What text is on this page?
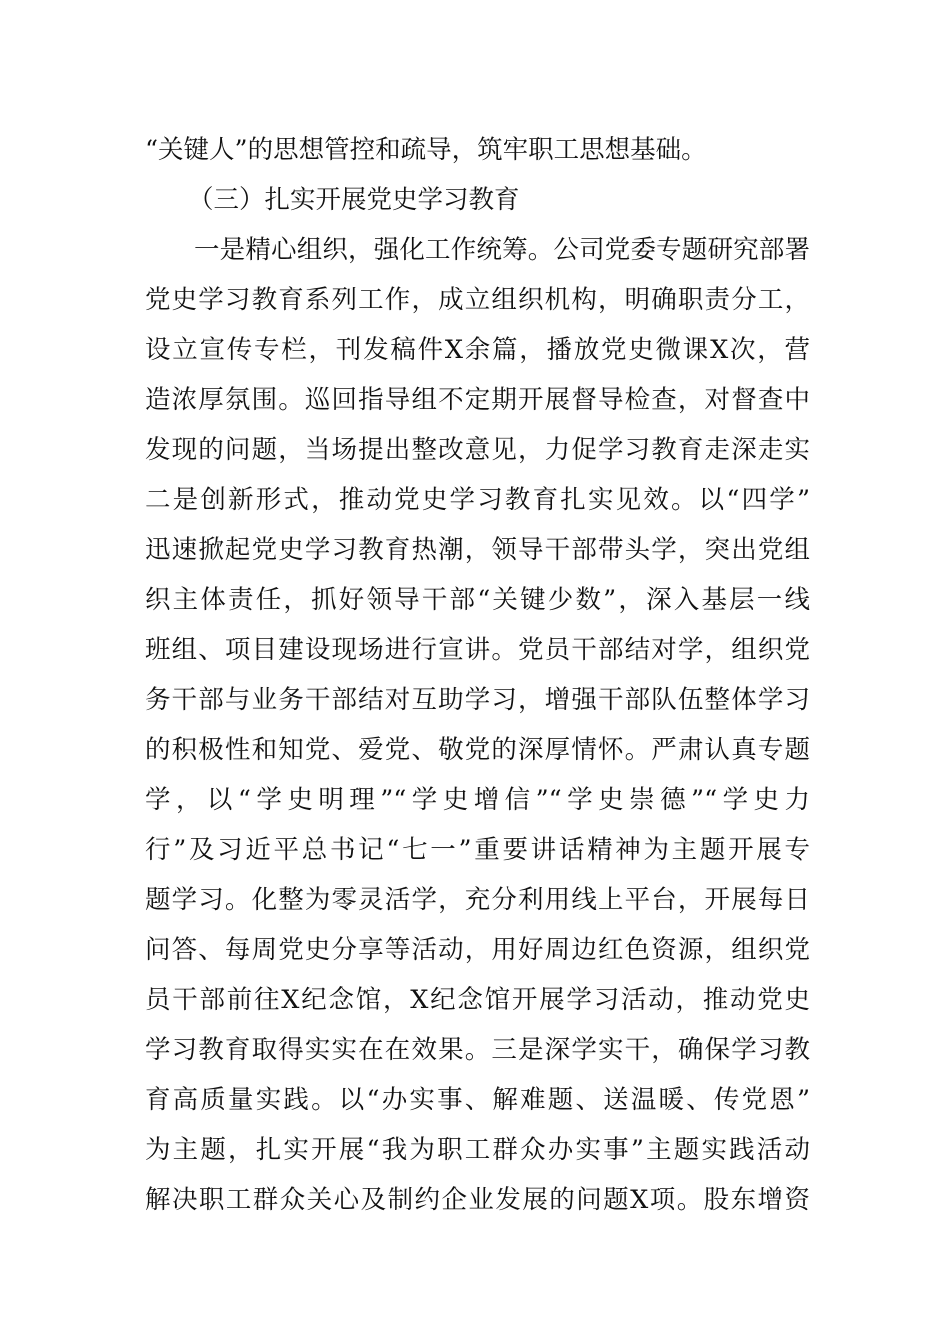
“关键人”的思想管控和疏导，筑牢职工思想基础。
（三）扎实开展党史学习教育
一是精心组织，强化工作统筹。公司党委专题研究部署
党史学习教育系列工作，成立组织机构，明确职责分工，
设立宣传专栏，刊发稿件X余篇，播放党史微课X次，营
造浓厚氛围。巡回指导组不定期开展督导检查，对督查中
发现的问题，当场提出整改意见，力促学习教育走深走实
二是创新形式，推动党史学习教育扎实见效。以“四学”
迅速掀起党史学习教育热潮，领导干部带头学，突出党组
织主体责任，抓好领导干部“关键少数”，深入基层一线
班组、项目建设现场进行宣讲。党员干部结对学，组织党
务干部与业务干部结对互助学习，增强干部队伍整体学习
的积极性和知党、爱党、敬党的深厚情怀。严肃认真专题
学，以“学史明理”“学史增信”“学史崇德”“学史力
行”及习近平总书记“七一”重要讲话精神为主题开展专
题学习。化整为零灵活学，充分利用线上平台，开展每日
问答、每周党史分享等活动，用好周边红色资源，组织党
员干部前往X纪念馆，X纪念馆开展学习活动，推动党史
学习教育取得实实在在效果。三是深学实干，确保学习教
育高质量实践。以“办实事、解难题、送温暖、传党恩”
为主题，扎实开展“我为职工群众办实事”主题实践活动
解决职工群众关心及制约企业发展的问题X项。股东增资
